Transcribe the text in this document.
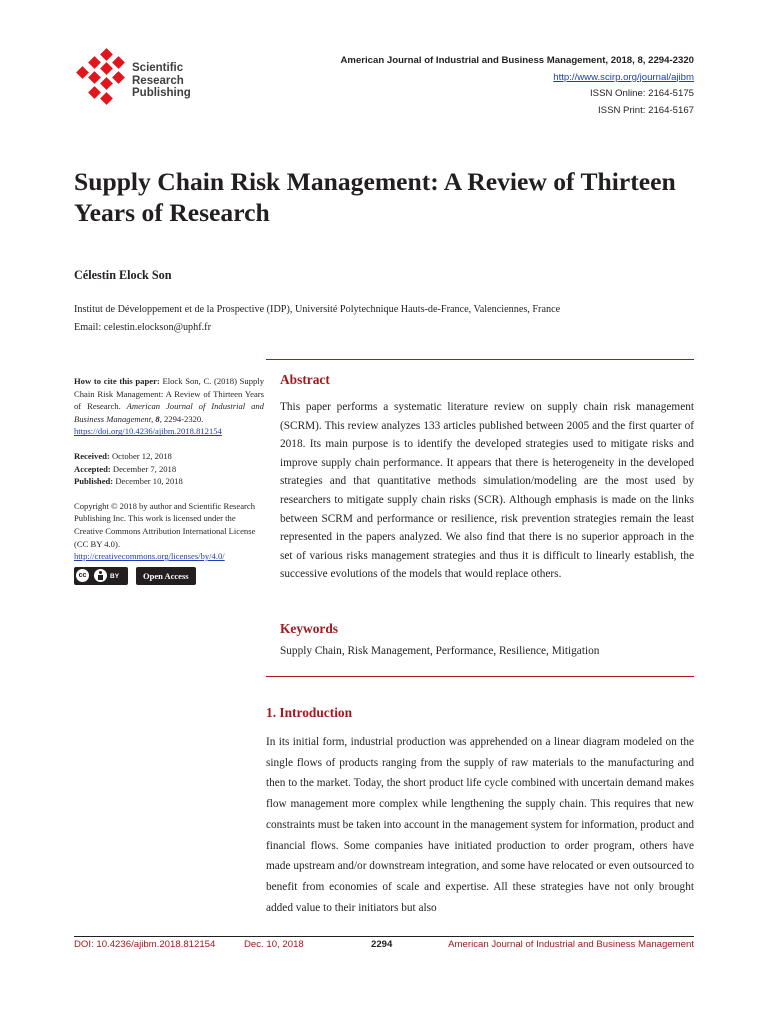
Scientific
Research
Publishing
American Journal of Industrial and Business Management, 2018, 8, 2294-2320
http://www.scirp.org/journal/ajibm
ISSN Online: 2164-5175
ISSN Print: 2164-5167
Supply Chain Risk Management: A Review of Thirteen Years of Research
Célestin Elock Son
Institut de Développement et de la Prospective (IDP), Université Polytechnique Hauts-de-France, Valenciennes, France
Email: celestin.elockson@uphf.fr
How to cite this paper: Elock Son, C. (2018) Supply Chain Risk Management: A Review of Thirteen Years of Research. American Journal of Industrial and Business Management, 8, 2294-2320.
https://doi.org/10.4236/ajibm.2018.812154
Received: October 12, 2018
Accepted: December 7, 2018
Published: December 10, 2018
Copyright © 2018 by author and Scientific Research Publishing Inc. This work is licensed under the Creative Commons Attribution International License (CC BY 4.0).
http://creativecommons.org/licenses/by/4.0/
cc	BY	Open Access
Abstract

This paper performs a systematic literature review on supply chain risk management (SCRM). This review analyzes 133 articles published between 2005 and the first quarter of 2018. Its main purpose is to identify the developed strategies used to mitigate risks and improve supply chain performance. It appears that there is heterogeneity in the developed strategies and that quantitative methods simulation/modeling are the most used by researchers to mitigate supply chain risks (SCR). Although emphasis is made on the links between SCRM and performance or resilience, risk prevention strategies remain the least represented in the papers analyzed. We also find that there is no superior approach in the set of various risks management strategies and thus it is difficult to linearly establish, the successive evolutions of the models that would replace others.

Keywords

Supply Chain, Risk Management, Performance, Resilience, Mitigation

1. Introduction

In its initial form, industrial production was apprehended on a linear diagram modeled on the single flows of products ranging from the supply of raw materials to the manufacturing and then to the market. Today, the short product life cycle combined with uncertain demand makes flow management more complex while lengthening the supply chain. This requires that new constraints must be taken into account in the management system for information, product and financial flows. Some companies have initiated production to order program, others have made upstream and/or downstream integration, and some have relocated or even outsourced to benefit from economies of scale and expertise. All these strategies have not only brought added value to their initiators but also

DOI: 10.4236/ajibm.2018.812154	Dec. 10, 2018	2294	American Journal of Industrial and Business Management
